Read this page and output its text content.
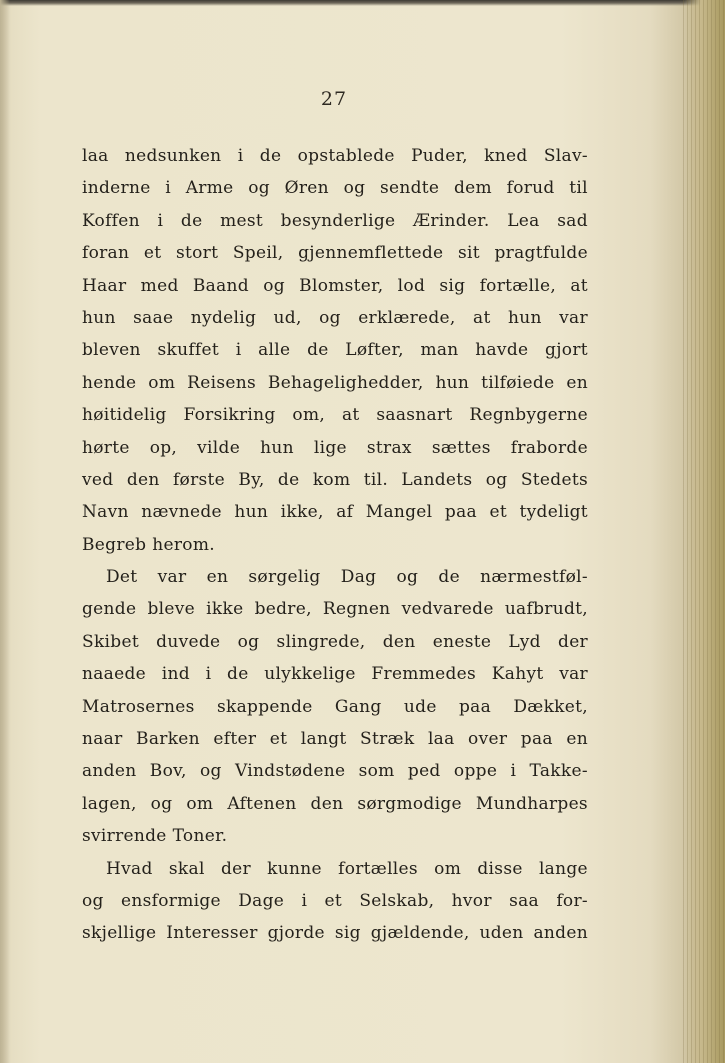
27
laa nedsunken i de opstablede Puder, kned Slav-
inderne i Arme og Øren og sendte dem forud til
Koffen i de mest besynderlige Ærinder. Lea sad
foran et stort Speil, gjennemflettede sit pragtfulde
Haar med Baand og Blomster, lod sig fortælle, at
hun saae nydelig ud, og erklærede, at hun var
bleven skuffet i alle de Løfter, man havde gjort
hende om Reisens Behagelighedder, hun tilføiede en
høitidelig Forsikring om, at saasnart Regnbygerne
hørte op, vilde hun lige strax sættes fraborde
ved den første By, de kom til. Landets og Stedets
Navn nævnede hun ikke, af Mangel paa et tydeligt
Begreb herom.
Det var en sørgelig Dag og de nærmestføl-
gende bleve ikke bedre, Regnen vedvarede uafbrudt,
Skibet duvede og slingrede, den eneste Lyd der
naaede ind i de ulykkelige Fremmedes Kahyt var
Matrosernes skappende Gang ude paa Dækket,
naar Barken efter et langt Stræk laa over paa en
anden Bov, og Vindstødene som ped oppe i Takke-
lagen, og om Aftenen den sørgmodige Mundharpes
svirrende Toner.
Hvad skal der kunne fortælles om disse lange
og ensformige Dage i et Selskab, hvor saa for-
skjellige Interesser gjorde sig gjældende, uden anden
